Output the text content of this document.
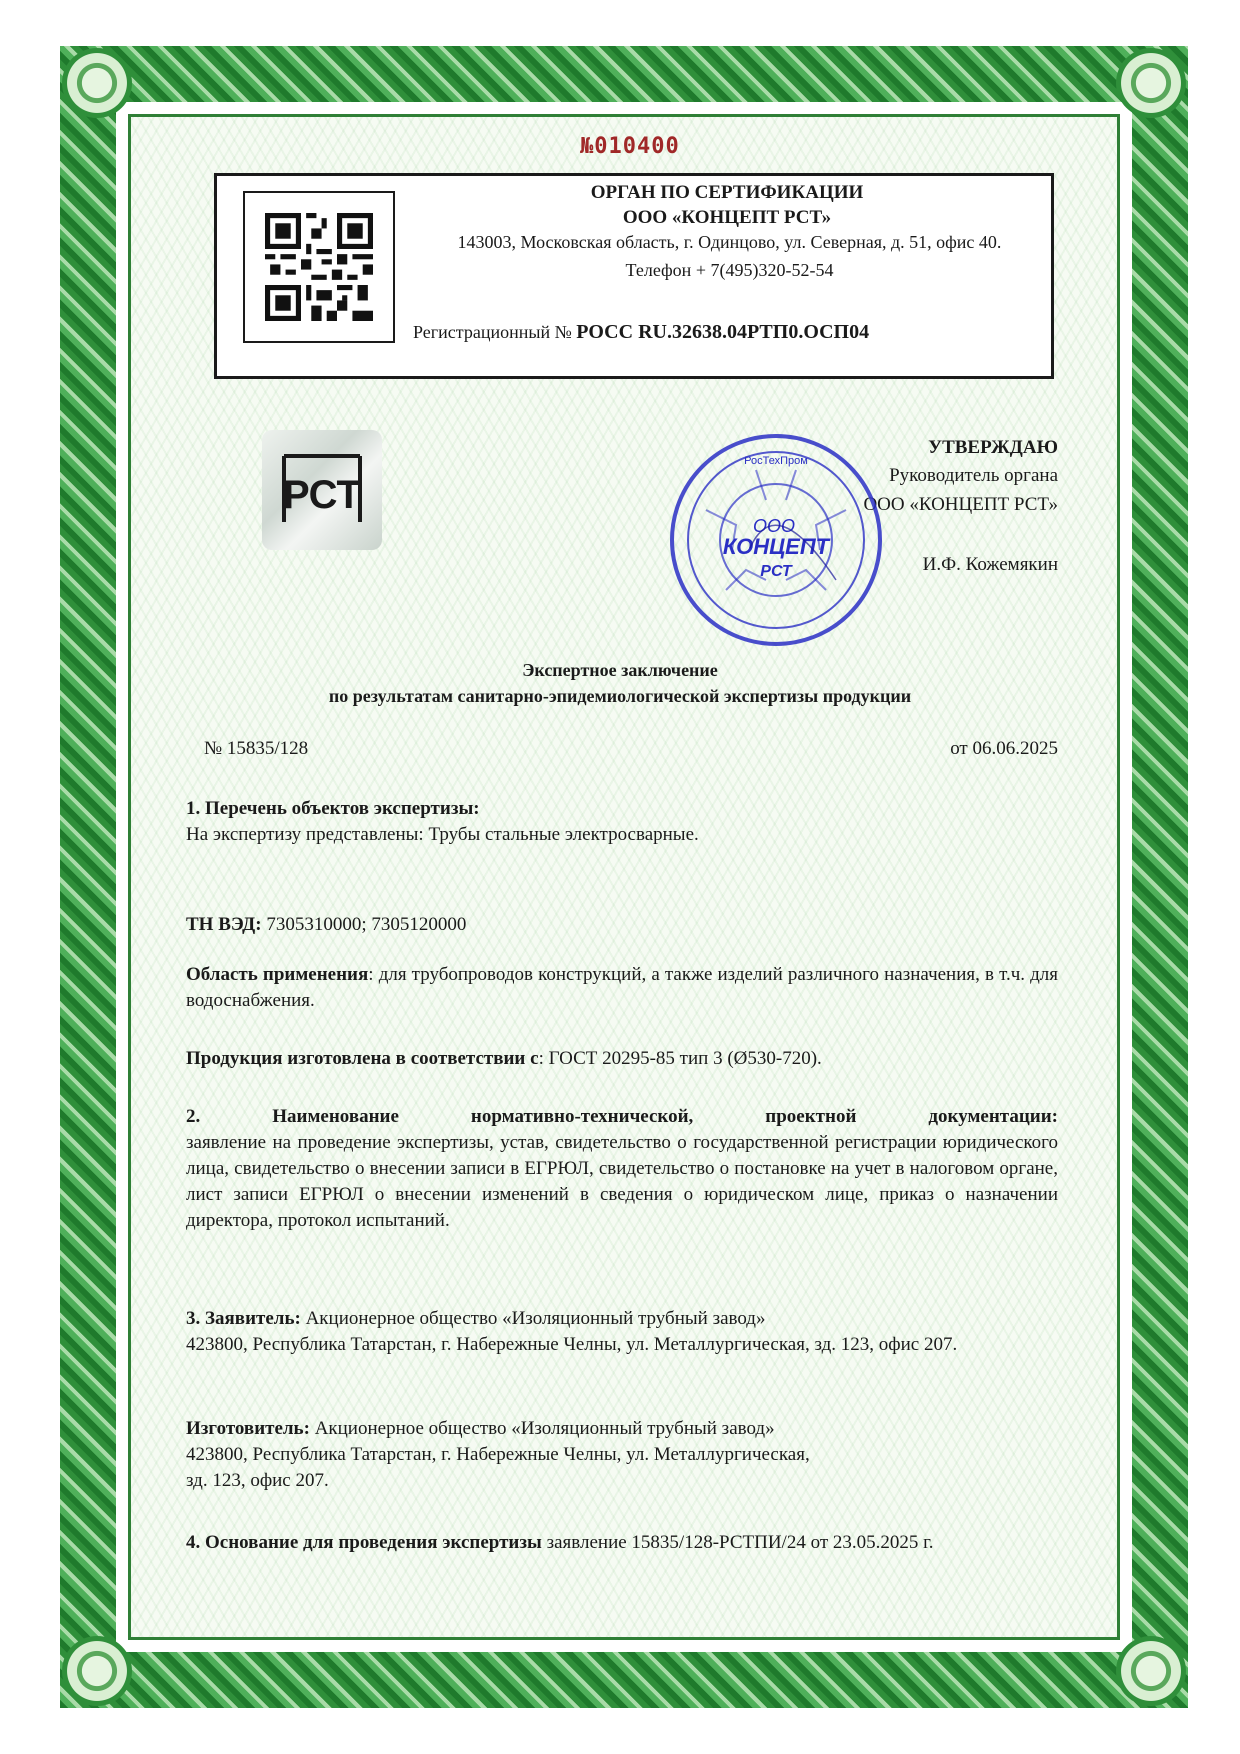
№010400
ОРГАН ПО СЕРТИФИКАЦИИ
ООО «КОНЦЕПТ РСТ»
143003, Московская область, г. Одинцово, ул. Северная, д. 51, офис 40.
Телефон + 7(495)320-52-54
Регистрационный № РОСС RU.32638.04РТП0.ОСП04
РСТ
УТВЕРЖДАЮ
Руководитель органа
ООО «КОНЦЕПТ РСТ»
И.Ф. Кожемякин
РосТехПром
ООО
КОНЦЕПТ
РСТ
Экспертное заключение
по результатам санитарно-эпидемиологической экспертизы продукции
№ 15835/128	от 06.06.2025
1. Перечень объектов экспертизы:
На экспертизу представлены: Трубы стальные электросварные.
ТН ВЭД: 7305310000; 7305120000
Область применения: для трубопроводов конструкций, а также изделий различного назначения, в т.ч. для водоснабжения.
Продукция изготовлена в соответствии с: ГОСТ 20295-85 тип 3 (Ø530-720).
2. Наименование нормативно-технической, проектной документации:
заявление на проведение экспертизы, устав, свидетельство о государственной регистрации юридического лица, свидетельство о внесении записи в ЕГРЮЛ, свидетельство о постановке на учет в налоговом органе, лист записи ЕГРЮЛ о внесении изменений в сведения о юридическом лице, приказ о назначении директора, протокол испытаний.
3. Заявитель: Акционерное общество «Изоляционный трубный завод»
423800, Республика Татарстан, г. Набережные Челны, ул. Металлургическая, зд. 123, офис 207.
Изготовитель: Акционерное общество «Изоляционный трубный завод»
423800, Республика Татарстан, г. Набережные Челны, ул. Металлургическая,
зд. 123, офис 207.
4. Основание для проведения экспертизы заявление 15835/128-РСТПИ/24 от 23.05.2025 г.
